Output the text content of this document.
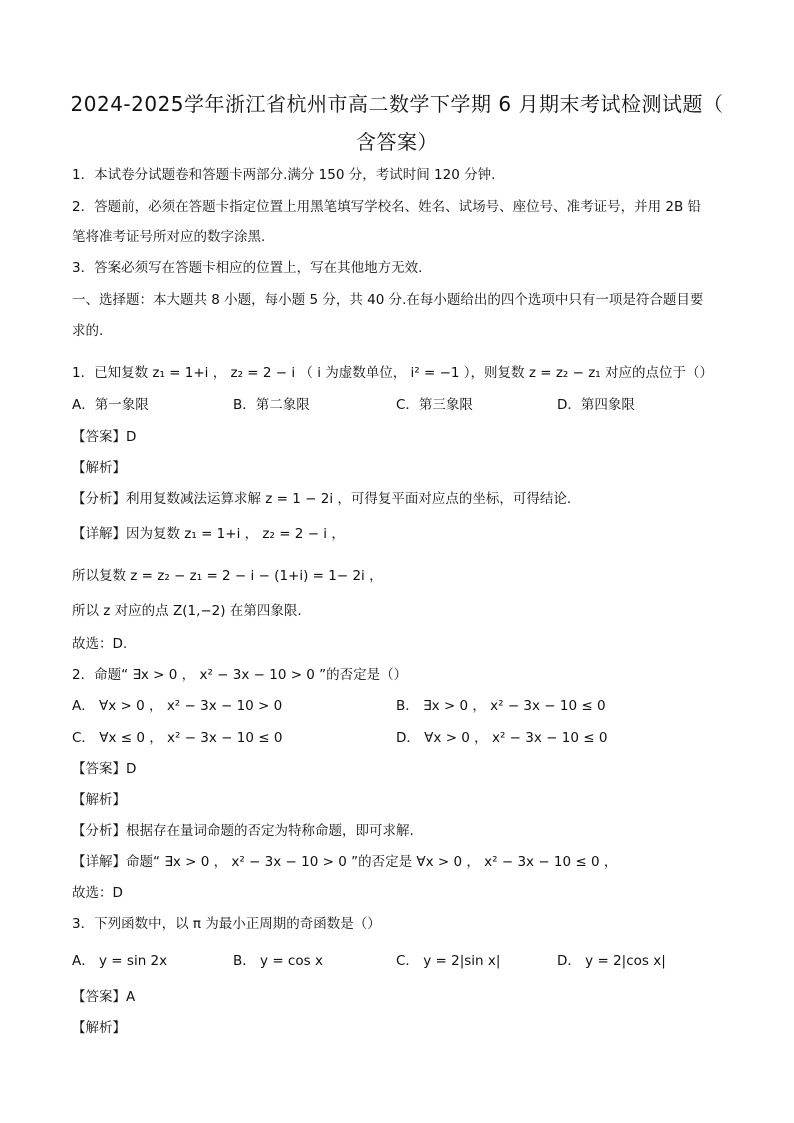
2024-2025学年浙江省杭州市高二数学下学期 6 月期末考试检测试题（
含答案）
1．本试卷分试题卷和答题卡两部分.满分 150 分，考试时间 120 分钟.
2．答题前，必须在答题卡指定位置上用黑笔填写学校名、姓名、试场号、座位号、准考证号，并用 2B 铅
笔将准考证号所对应的数字涂黑.
3．答案必须写在答题卡相应的位置上，写在其他地方无效.
一、选择题：本大题共 8 小题，每小题 5 分，共 40 分.在每小题给出的四个选项中只有一项是符合题目要
求的.
1．已知复数 z₁ = 1+i ， z₂ = 2 − i （ i 为虚数单位， i² = −1 ），则复数 z = z₂ − z₁ 对应的点位于（）
A．第一象限	B．第二象限	C．第三象限	D．第四象限
【答案】D
【解析】
【分析】利用复数减法运算求解 z = 1 − 2i ，可得复平面对应点的坐标，可得结论.
【详解】因为复数 z₁ = 1+i ， z₂ = 2 − i ，
所以复数 z = z₂ − z₁ = 2 − i − (1+i) = 1− 2i ，
所以 z 对应的点 Z(1,−2) 在第四象限.
故选：D.
2．命题“ ∃x > 0 ， x² − 3x − 10 > 0 ”的否定是（）
A． ∀x > 0 ， x² − 3x − 10 > 0	B． ∃x > 0 ， x² − 3x − 10 ≤ 0
C． ∀x ≤ 0 ， x² − 3x − 10 ≤ 0	D． ∀x > 0 ， x² − 3x − 10 ≤ 0
【答案】D
【解析】
【分析】根据存在量词命题的否定为特称命题，即可求解.
【详解】命题“ ∃x > 0 ， x² − 3x − 10 > 0 ”的否定是 ∀x > 0 ， x² − 3x − 10 ≤ 0 ，
故选：D
3．下列函数中，以 π 为最小正周期的奇函数是（）
A． y = sin 2x	B． y = cos x	C． y = 2|sin x|	D． y = 2|cos x|
【答案】A
【解析】
